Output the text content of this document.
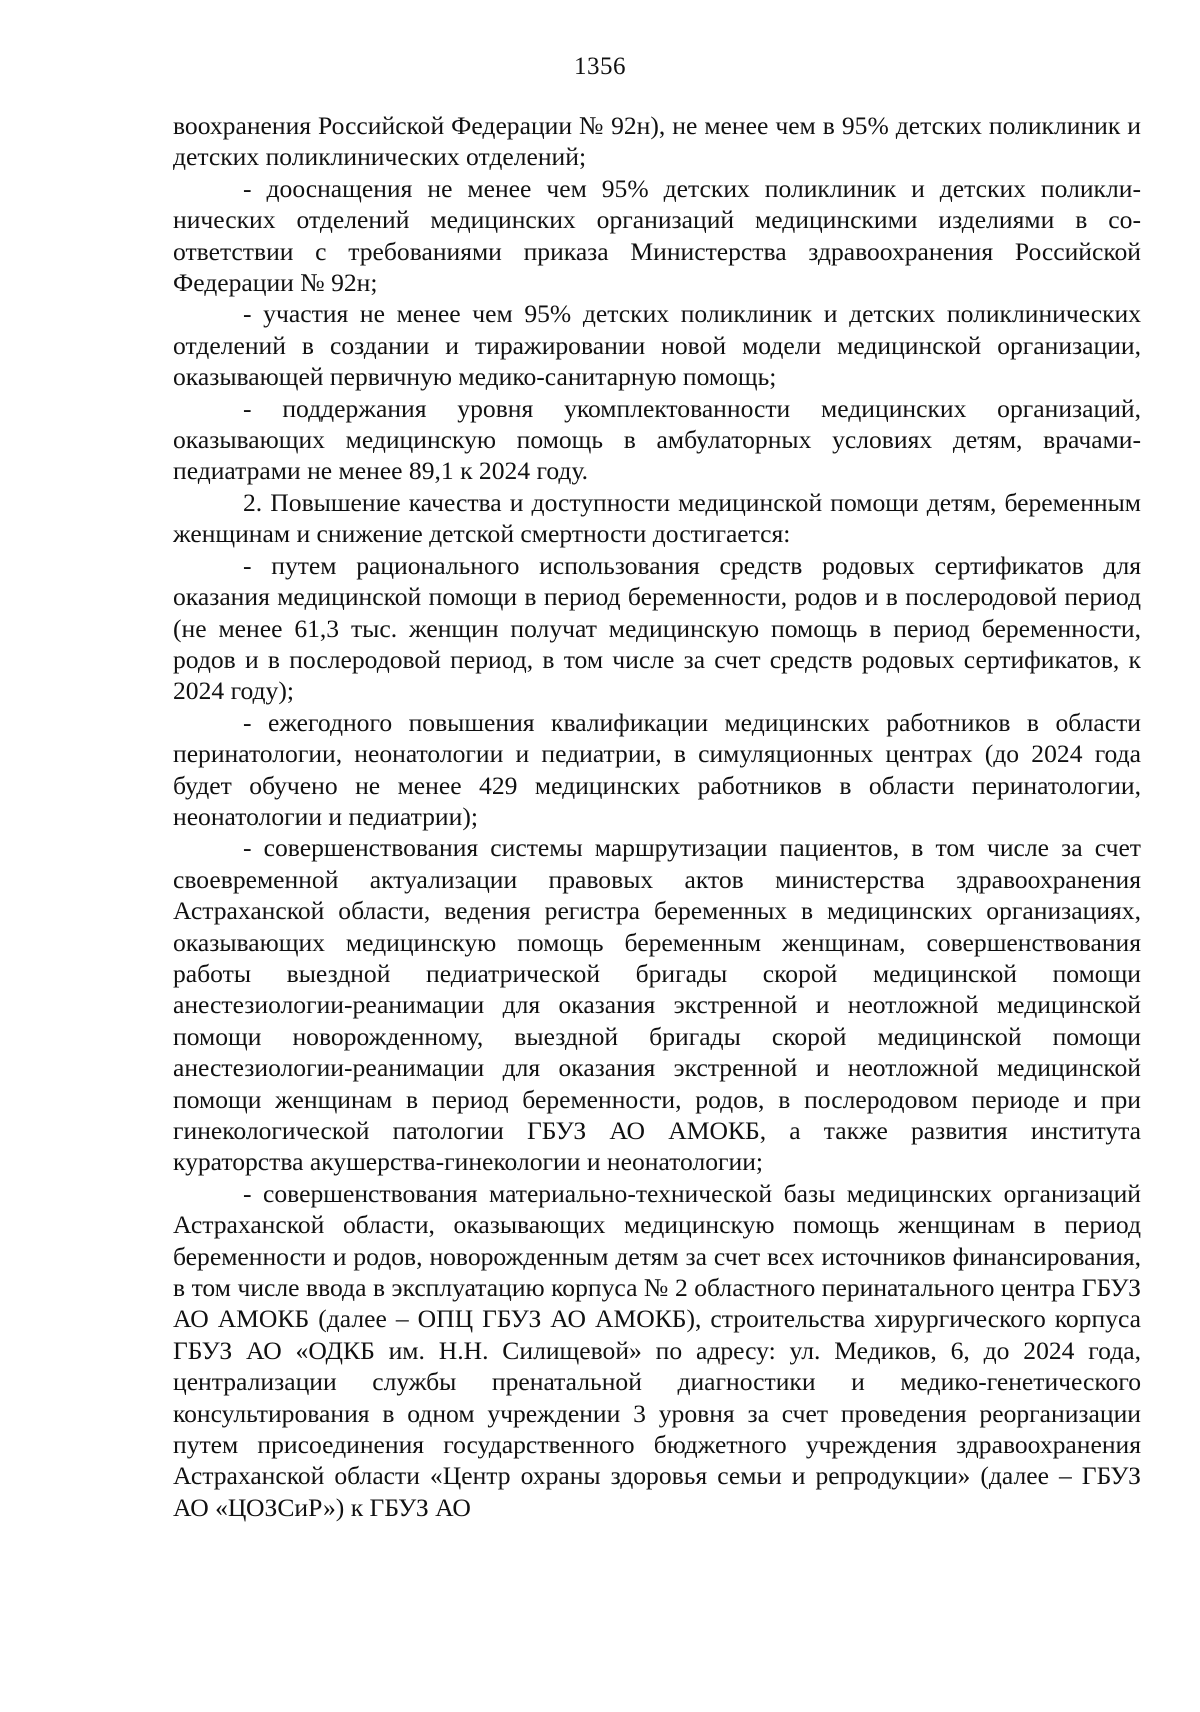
1356

воохранения Российской Федерации № 92н), не менее чем в 95% детских поликлиник и детских поликлинических отделений;

- дооснащения не менее чем 95% детских поликлиник и детских поликлинических отделений медицинских организаций медицинскими изделиями в соответствии с требованиями приказа Министерства здравоохранения Российской Федерации № 92н;

- участия не менее чем 95% детских поликлиник и детских поликлинических отделений в создании и тиражировании новой модели медицинской организации, оказывающей первичную медико-санитарную помощь;

- поддержания уровня укомплектованности медицинских организаций, оказывающих медицинскую помощь в амбулаторных условиях детям, врачами-педиатрами не менее 89,1 к 2024 году.

2. Повышение качества и доступности медицинской помощи детям, беременным женщинам и снижение детской смертности достигается:

- путем рационального использования средств родовых сертификатов для оказания медицинской помощи в период беременности, родов и в послеродовой период (не менее 61,3 тыс. женщин получат медицинскую помощь в период беременности, родов и в послеродовой период, в том числе за счет средств родовых сертификатов, к 2024 году);

- ежегодного повышения квалификации медицинских работников в области перинатологии, неонатологии и педиатрии, в симуляционных центрах (до 2024 года будет обучено не менее 429 медицинских работников в области перинатологии, неонатологии и педиатрии);

- совершенствования системы маршрутизации пациентов, в том числе за счет своевременной актуализации правовых актов министерства здравоохранения Астраханской области, ведения регистра беременных в медицинских организациях, оказывающих медицинскую помощь беременным женщинам, совершенствования работы выездной педиатрической бригады скорой медицинской помощи анестезиологии-реанимации для оказания экстренной и неотложной медицинской помощи новорожденному, выездной бригады скорой медицинской помощи анестезиологии-реанимации для оказания экстренной и неотложной медицинской помощи женщинам в период беременности, родов, в послеродовом периоде и при гинекологической патологии ГБУЗ АО АМОКБ, а также развития института кураторства акушерства-гинекологии и неонатологии;

- совершенствования материально-технической базы медицинских организаций Астраханской области, оказывающих медицинскую помощь женщинам в период беременности и родов, новорожденным детям за счет всех источников финансирования, в том числе ввода в эксплуатацию корпуса № 2 областного перинатального центра ГБУЗ АО АМОКБ (далее – ОПЦ ГБУЗ АО АМОКБ), строительства хирургического корпуса ГБУЗ АО «ОДКБ им. Н.Н. Силищевой» по адресу: ул. Медиков, 6, до 2024 года, централизации службы пренатальной диагностики и медико-генетического консультирования в одном учреждении 3 уровня за счет проведения реорганизации путем присоединения государственного бюджетного учреждения здравоохранения Астраханской области «Центр охраны здоровья семьи и репродукции» (далее – ГБУЗ АО «ЦОЗСиР») к ГБУЗ АО
